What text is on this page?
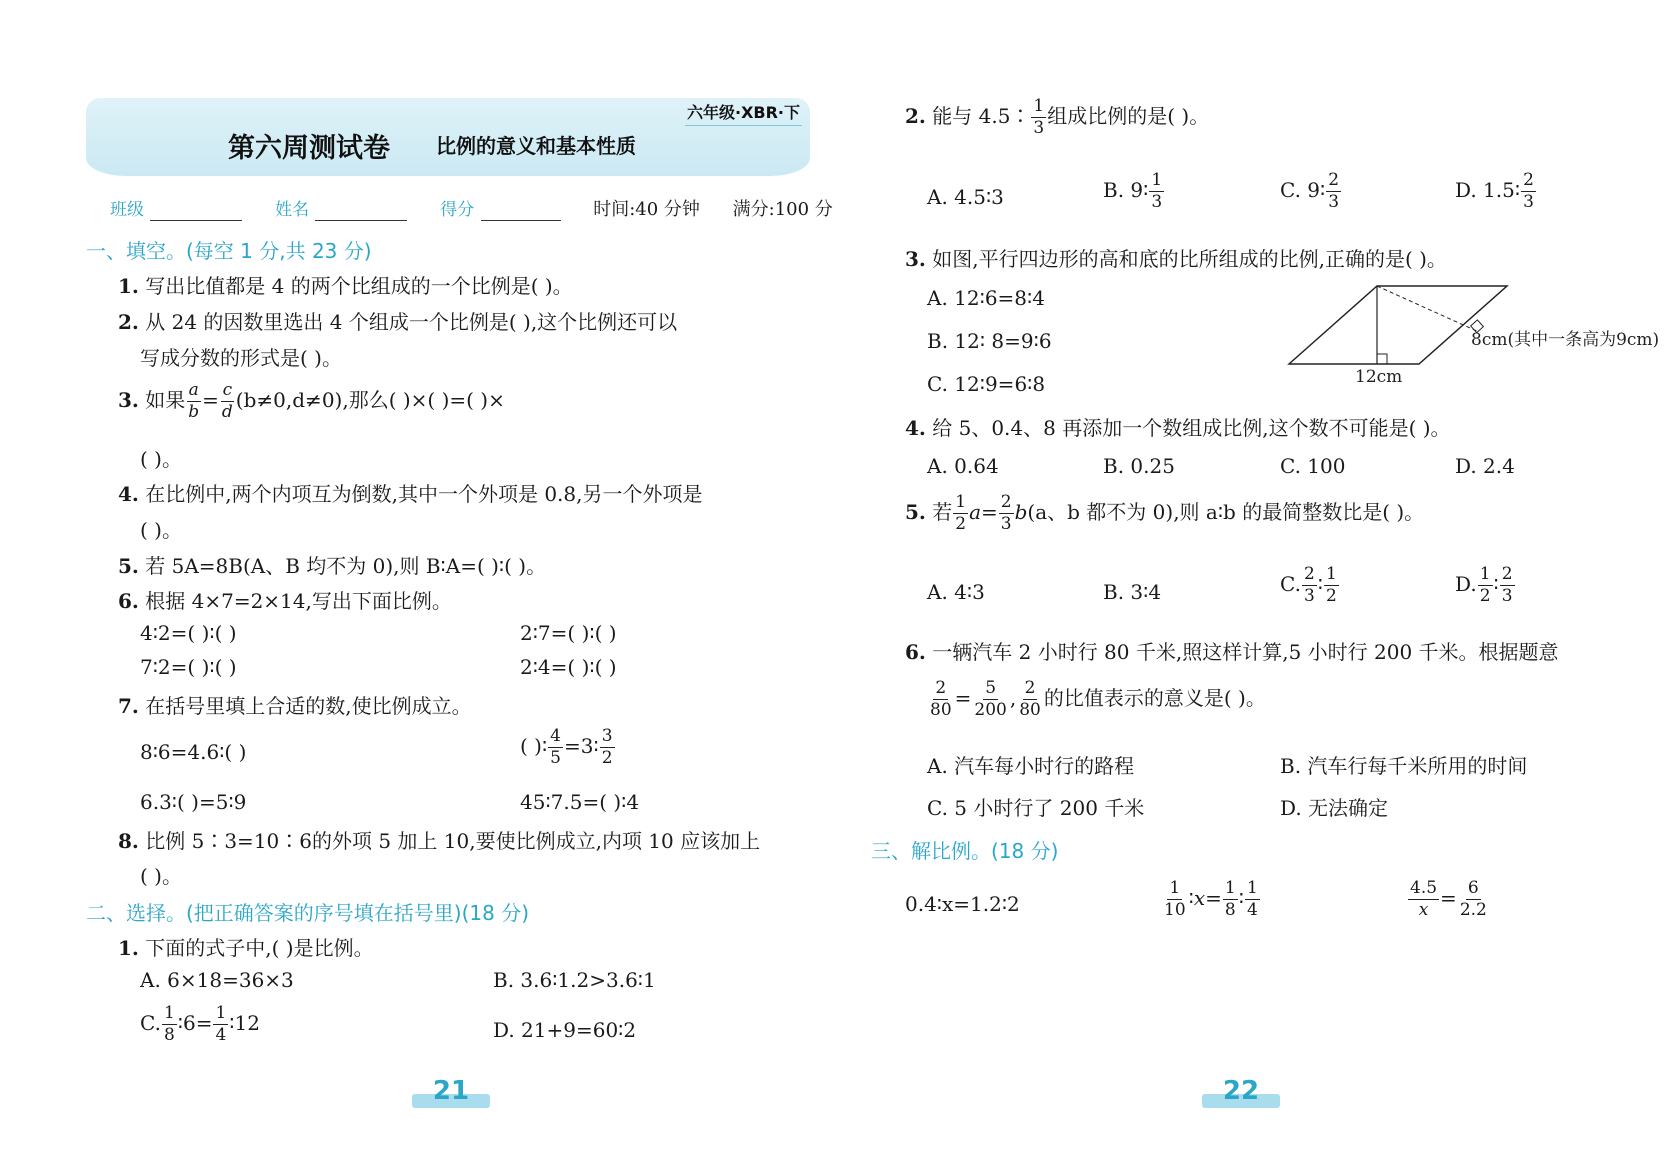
六年级·XBR·下
第六周测试卷 比例的意义和基本性质
班级	姓名	得分	时间:40 分钟 满分:100 分
一、填空。(每空 1 分,共 23 分)
1. 写出比值都是 4 的两个比组成的一个比例是( )。
2. 从 24 的因数里选出 4 个组成一个比例是( ),这个比例还可以
写成分数的形式是( )。
3. 如果 $\frac{a}{b} = \frac{c}{d} (b\ne 0,d\ne 0)$,那么( )×( )=( )×
( )。
4. 在比例中,两个内项互为倒数,其中一个外项是 0.8,另一个外项是
( )。
5. 若 5A=8B(A、B 均不为 0),则 B∶A=( )∶( )。
6. 根据 4×7=2×14,写出下面比例。
4∶2=( )∶( )	2∶7=( )∶( )
7∶2=( )∶( )	2∶4=( )∶( )
7. 在括号里填上合适的数,使比例成立。
8∶6=4.6∶( )	( )∶ $\frac{4}{5}$ =3∶ $\frac{3}{2}$
6.3∶( )=5∶9	45∶7.5=( )∶4
8. 比例 5∶3=10∶6的外项 5 加上 10,要使比例成立,内项 10 应该加上
( )。
二、选择。(把正确答案的序号填在括号里)(18 分)
1. 下面的式子中,( )是比例。
A. 6×18=36×3	B. 3.6∶1.2>3.6∶1
C. $\frac{1}{8}$ ∶6= $\frac{1}{4}$ ∶12	D. 21+9=60∶2
21
2. 能与 4.5∶ $\frac{1}{3}$ 组成比例的是( )。
A. 4.5∶3	B. 9∶ $\frac{1}{3}$	C. 9∶ $\frac{2}{3}$	D. 1.5∶ $\frac{2}{3}$
3. 如图,平行四边形的高和底的比所组成的比例,正确的是( )。
A. 12∶6=8∶4
B. 12∶ 8=9∶6
C. 12∶9=6∶8
8cm(其中一条高为9cm)
12cm
4. 给 5、0.4、8 再添加一个数组成比例,这个数不可能是( )。
A. 0.64	B. 0.25	C. 100	D. 2.4
5. 若 $\frac{1}{2} a= \frac{2}{3} b(a$、b 都不为 0),则 a∶b 的最简整数比是( )。
A. 4∶3	B. 3∶4	C. $\frac{2}{3}$ ∶ $\frac{1}{2}$	D. $\frac{1}{2}$ ∶ $\frac{2}{3}$
6. 一辆汽车 2 小时行 80 千米,照这样计算,5 小时行 200 千米。根据题意
$\frac{2}{80} = \frac{5}{200}$ , $\frac{2}{80}$ 的比值表示的意义是( )。
A. 汽车每小时行的路程	B. 汽车行每千米所用的时间
C. 5 小时行了 200 千米	D. 无法确定
三、解比例。(18 分)
0.4∶x=1.2∶2	$\frac{1}{10}$ ∶x= $\frac{1}{8}$ ∶ $\frac{1}{4}$	$\frac{4.5}{x} = \frac{6}{2.2}$
22
